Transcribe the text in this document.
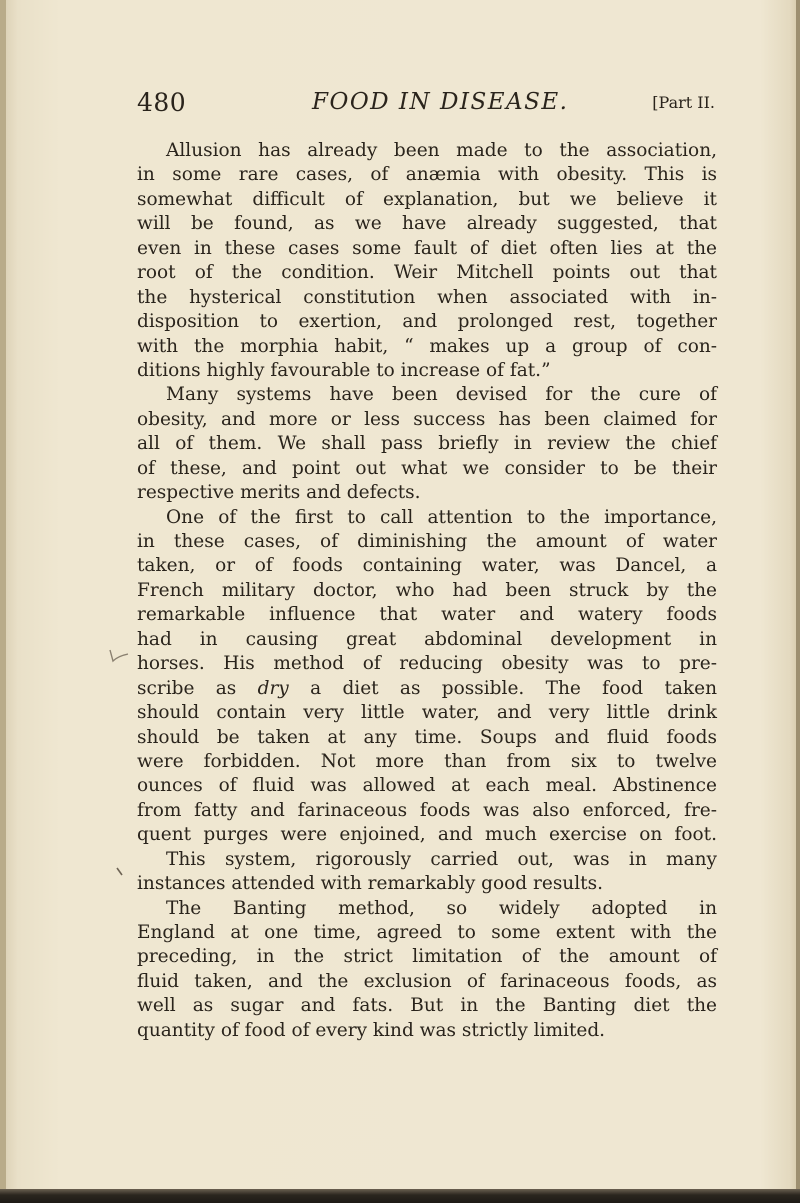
480	FOOD IN DISEASE.	[Part II.
Allusion has already been made to the association,
in some rare cases, of anæmia with obesity. This is
somewhat difficult of explanation, but we believe it
will be found, as we have already suggested, that
even in these cases some fault of diet often lies at the
root of the condition. Weir Mitchell points out that
the hysterical constitution when associated with in-
disposition to exertion, and prolonged rest, together
with the morphia habit, “ makes up a group of con-
ditions highly favourable to increase of fat.”
Many systems have been devised for the cure of
obesity, and more or less success has been claimed for
all of them. We shall pass briefly in review the chief
of these, and point out what we consider to be their
respective merits and defects.
One of the first to call attention to the importance,
in these cases, of diminishing the amount of water
taken, or of foods containing water, was Dancel, a
French military doctor, who had been struck by the
remarkable influence that water and watery foods
had in causing great abdominal development in
horses. His method of reducing obesity was to pre-
scribe as dry a diet as possible. The food taken
should contain very little water, and very little drink
should be taken at any time. Soups and fluid foods
were forbidden. Not more than from six to twelve
ounces of fluid was allowed at each meal. Abstinence
from fatty and farinaceous foods was also enforced, fre-
quent purges were enjoined, and much exercise on foot.
This system, rigorously carried out, was in many
instances attended with remarkably good results.
The Banting method, so widely adopted in
England at one time, agreed to some extent with the
preceding, in the strict limitation of the amount of
fluid taken, and the exclusion of farinaceous foods, as
well as sugar and fats. But in the Banting diet the
quantity of food of every kind was strictly limited.
